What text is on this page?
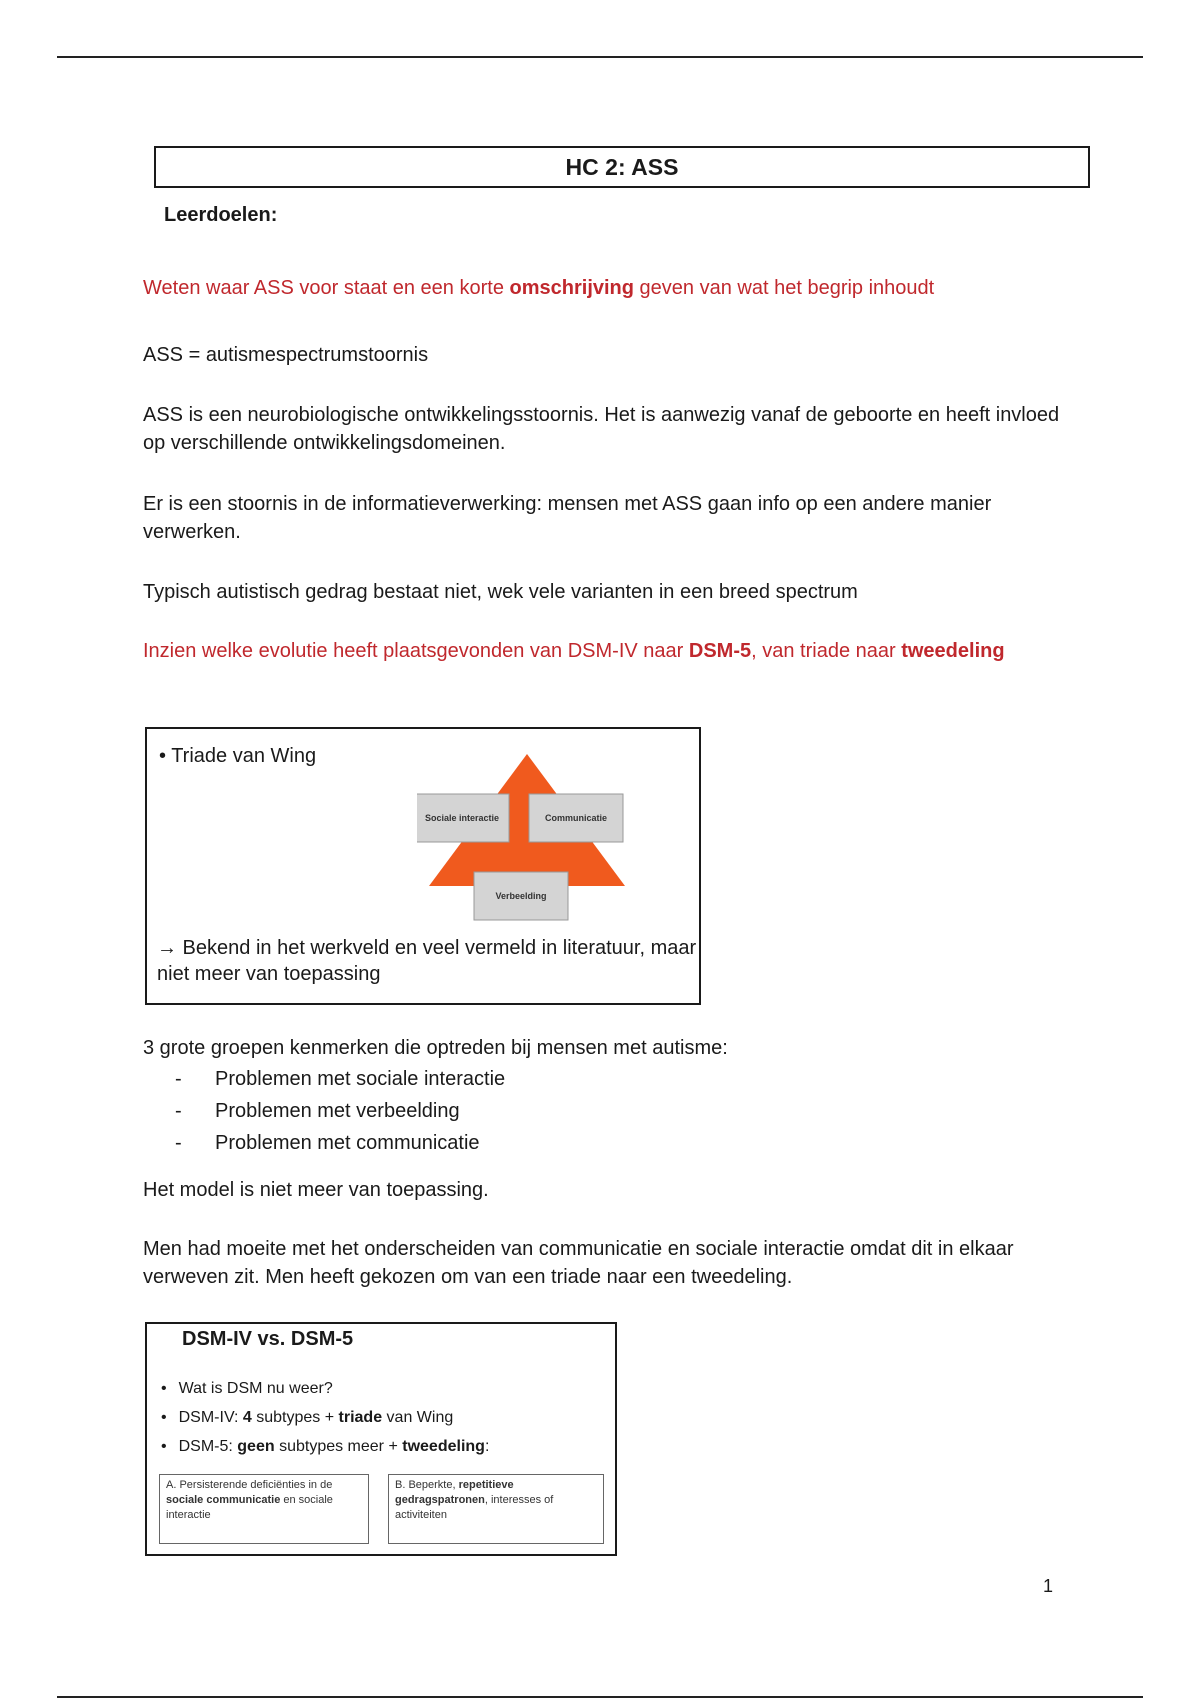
HC 2: ASS
Leerdoelen:

Weten waar ASS voor staat en een korte omschrijving geven van wat het begrip inhoudt

ASS = autismespectrumstoornis

ASS is een neurobiologische ontwikkelingsstoornis. Het is aanwezig vanaf de geboorte en heeft invloed op verschillende ontwikkelingsdomeinen.

Er is een stoornis in de informatieverwerking: mensen met ASS gaan info op een andere manier verwerken.

Typisch autistisch gedrag bestaat niet, wek vele varianten in een breed spectrum

Inzien welke evolutie heeft plaatsgevonden van DSM-IV naar DSM-5, van triade naar tweedeling

• Triade van Wing
Sociale interactie	Communicatie
Verbeelding
→ Bekend in het werkveld en veel vermeld in literatuur, maar niet meer van toepassing

3 grote groepen kenmerken die optreden bij mensen met autisme:

-	Problemen met sociale interactie
-	Problemen met verbeelding
-	Problemen met communicatie

Het model is niet meer van toepassing.

Men had moeite met het onderscheiden van communicatie en sociale interactie omdat dit in elkaar verweven zit. Men heeft gekozen om van een triade naar een tweedeling.

DSM-IV vs. DSM-5
• Wat is DSM nu weer?
• DSM-IV: 4 subtypes + triade van Wing
• DSM-5: geen subtypes meer + tweedeling:
A. Persisterende deficiënties in de sociale communicatie en sociale interactie
B. Beperkte, repetitieve gedragspatronen, interesses of activiteiten
1
